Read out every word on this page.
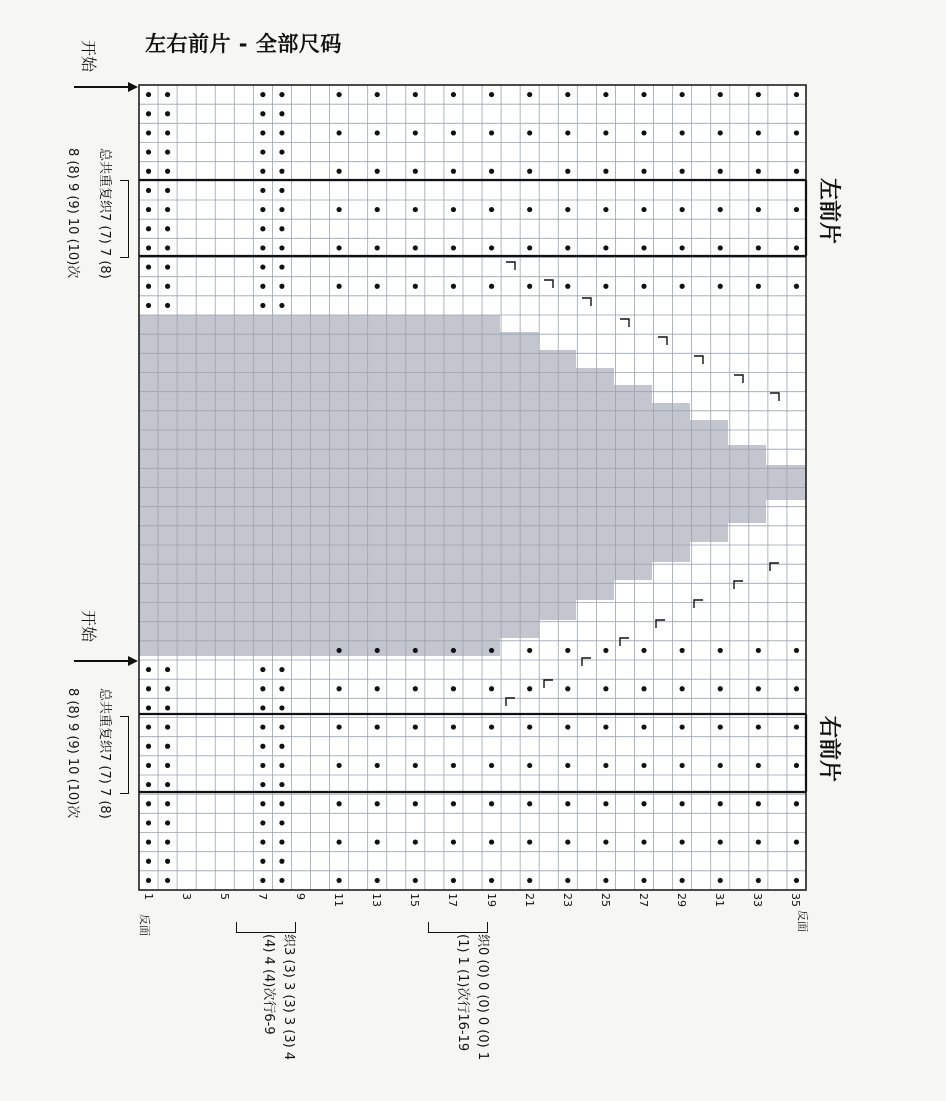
左右前片 - 全部尺码
开始
开始
总共重复织7 (7) 7 (8)
8 (8) 9 (9) 10 (10)次
总共重复织7 (7) 7 (8)
8 (8) 9 (9) 10 (10)次
左前片
右前片
1 3 5 7 9 11 13 15 17 19 21 23 25 27 29 31 33 35
反面	反面
织3 (3) 3 (3) 3 (3) 4
(4) 4 (4)次行6-9	织0 (0) 0 (0) 0 (0) 1
(1) 1 (1)次行16-19
